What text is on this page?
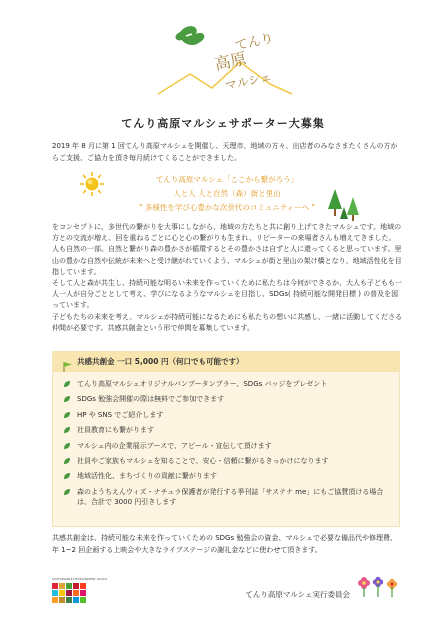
てんり
高原
マルシェ
てんり高原マルシェサポーター大募集
2019 年 8 月に第 1 回てんり高原マルシェを開催し、天理市、地域の方々、出店者のみなさまたくさんの方からご支援、ご協力を頂き毎月続けてくることができました。
てんり高原マルシェ「ここから繋がろう」
人と人 人と自然（森）街と里山
" 多様性を学び心豊かな次世代のコミュニティーへ "

をコンセプトに、多世代の繋がりを大事にしながら、地域の方たちと共に創り上げてきたマルシェです。地域の方との交流が増え、回を重ねるごとに心と心の繋がりも生まれ、リピーターの来場者さんも増えてきました。

人も自然の一部。自然と繋がり森の豊かさが循環するとその豊かさは自ずと人に還ってくると思っています。里山の豊かな自然や伝統が未来へと受け継がれていくよう、マルシェが街と里山の架け橋となり、地域活性化を目指しています。

そして人と森が共生し、持続可能な明るい未来を作っていくために私たちは今何ができるか、大人も子どもも一人一人が自分ごととして考え、学びになるようなマルシェを目指し、SDGs( 持続可能な開発目標 ) の普及を図っています。

子どもたちの未来を考え、マルシェが持続可能になるためにも私たちの想いに共感し、一緒に活動してくださる仲間が必要です。共感共創金という形で仲間を募集しています。

共感共創金 一口 5,000 円（何口でも可能です）
てんり高原マルシェオリジナルバンブータンブラー、SDGs バッジをプレゼント
SDGs 勉強会開催の際は無料でご参加できます
HP や SNS でご紹介します
社員教育にも繋がります
マルシェ内の企業展示ブースで、アピール・宣伝して頂けます
社員やご家族もマルシェを知ることで、安心・信頼に繋がるきっかけになります
地域活性化、まちづくりの貢献に繋がります
森のようちえんウィズ・ナチュラ保護者が発行する季刊誌「サステナ me」にもご協賛頂ける場合は、合計で 3000 円引きします
共感共創金は、持続可能な未来を作っていくための SDGs 勉強会の資金、マルシェで必要な備品代や修理費、年 1~2 回企画する上映会や大きなライブステージの謝礼金などに使わせて頂きます。
SUSTAINABLE DEVELOPMENT GOALS
てんり高原マルシェ実行委員会
